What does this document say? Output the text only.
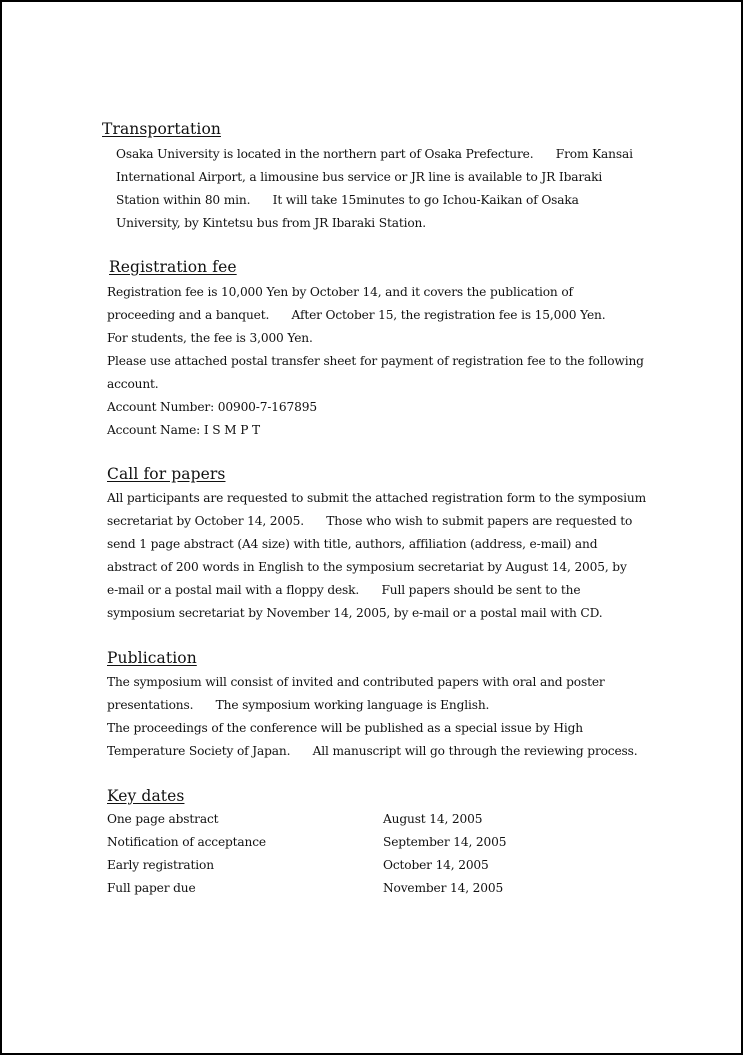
Transportation
Osaka University is located in the northern part of Osaka Prefecture.      From Kansai
International Airport, a limousine bus service or JR line is available to JR Ibaraki
Station within 80 min.      It will take 15minutes to go Ichou-Kaikan of Osaka
University, by Kintetsu bus from JR Ibaraki Station.
Registration fee
Registration fee is 10,000 Yen by October 14, and it covers the publication of
proceeding and a banquet.      After October 15, the registration fee is 15,000 Yen.
For students, the fee is 3,000 Yen.
Please use attached postal transfer sheet for payment of registration fee to the following
account.
Account Number: 00900-7-167895
Account Name: I S M P T
Call for papers
All participants are requested to submit the attached registration form to the symposium
secretariat by October 14, 2005.      Those who wish to submit papers are requested to
send 1 page abstract (A4 size) with title, authors, affiliation (address, e-mail) and
abstract of 200 words in English to the symposium secretariat by August 14, 2005, by
e-mail or a postal mail with a floppy desk.      Full papers should be sent to the
symposium secretariat by November 14, 2005, by e-mail or a postal mail with CD.
Publication
The symposium will consist of invited and contributed papers with oral and poster
presentations.      The symposium working language is English.
The proceedings of the conference will be published as a special issue by High
Temperature Society of Japan.      All manuscript will go through the reviewing process.
Key dates
One page abstract	August 14, 2005
Notification of acceptance	September 14, 2005
Early registration	October 14, 2005
Full paper due	November 14, 2005
